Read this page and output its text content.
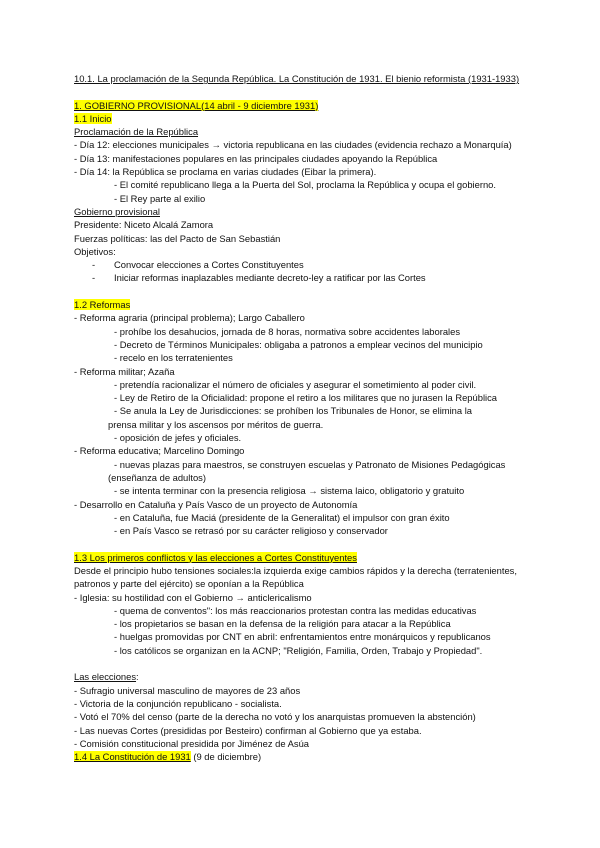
10.1. La proclamación de la Segunda República. La Constitución de 1931. El bienio reformista (1931-1933)
1. GOBIERNO PROVISIONAL(14 abril - 9 diciembre 1931)
1.1 Inicio
Proclamación de la República
- Día 12: elecciones municipales → victoria republicana en las ciudades (evidencia rechazo a Monarquía)
- Día 13: manifestaciones populares en las principales ciudades apoyando la República
- Día 14: la República se proclama en varias ciudades (Eibar la primera).
- El comité republicano llega a la Puerta del Sol, proclama la República y ocupa el gobierno.
- El Rey parte al exilio
Gobierno provisional
Presidente: Niceto Alcalá Zamora
Fuerzas políticas: las del Pacto de San Sebastián
Objetivos:
- Convocar elecciones a Cortes Constituyentes
- Iniciar reformas inaplazables mediante decreto-ley a ratificar por las Cortes
1.2 Reformas
- Reforma agraria (principal problema); Largo Caballero
- prohíbe los desahucios, jornada de 8 horas, normativa sobre accidentes laborales
- Decreto de Términos Municipales: obligaba a patronos a emplear vecinos del municipio
- recelo en los terratenientes
- Reforma militar; Azaña
- pretendía racionalizar el número de oficiales y asegurar el sometimiento al poder civil.
- Ley de Retiro de la Oficialidad: propone el retiro a los militares que no jurasen la República
- Se anula la Ley de Jurisdicciones: se prohíben los Tribunales de Honor, se elimina la
prensa militar y los ascensos por méritos de guerra.
- oposición de jefes y oficiales.
- Reforma educativa; Marcelino Domingo
- nuevas plazas para maestros, se construyen escuelas y Patronato de Misiones Pedagógicas
(enseñanza de adultos)
- se intenta terminar con la presencia religiosa → sistema laico, obligatorio y gratuito
- Desarrollo en Cataluña y País Vasco de un proyecto de Autonomía
- en Cataluña, fue Maciá (presidente de la Generalitat) el impulsor con gran éxito
- en País Vasco se retrasó por su carácter religioso y conservador
1.3 Los primeros conflictos y las elecciones a Cortes Constituyentes
Desde el principio hubo tensiones sociales:la izquierda exige cambios rápidos y la derecha (terratenientes,
patronos y parte del ejército) se oponían a la República
- Iglesia: su hostilidad con el Gobierno → anticlericalismo
- quema de conventos": los más reaccionarios protestan contra las medidas educativas
- los propietarios se basan en la defensa de la religión para atacar a la República
- huelgas promovidas por CNT en abril: enfrentamientos entre monárquicos y republicanos
- los católicos se organizan en la ACNP; "Religión, Familia, Orden, Trabajo y Propiedad".
Las elecciones:
- Sufragio universal masculino de mayores de 23 años
- Victoria de la conjunción republicano - socialista.
- Votó el 70% del censo (parte de la derecha no votó y los anarquistas promueven la abstención)
- Las nuevas Cortes (presididas por Besteiro) confirman al Gobierno que ya estaba.
- Comisión constitucional presidida por Jiménez de Asúa
1.4 La Constitución de 1931 (9 de diciembre)
